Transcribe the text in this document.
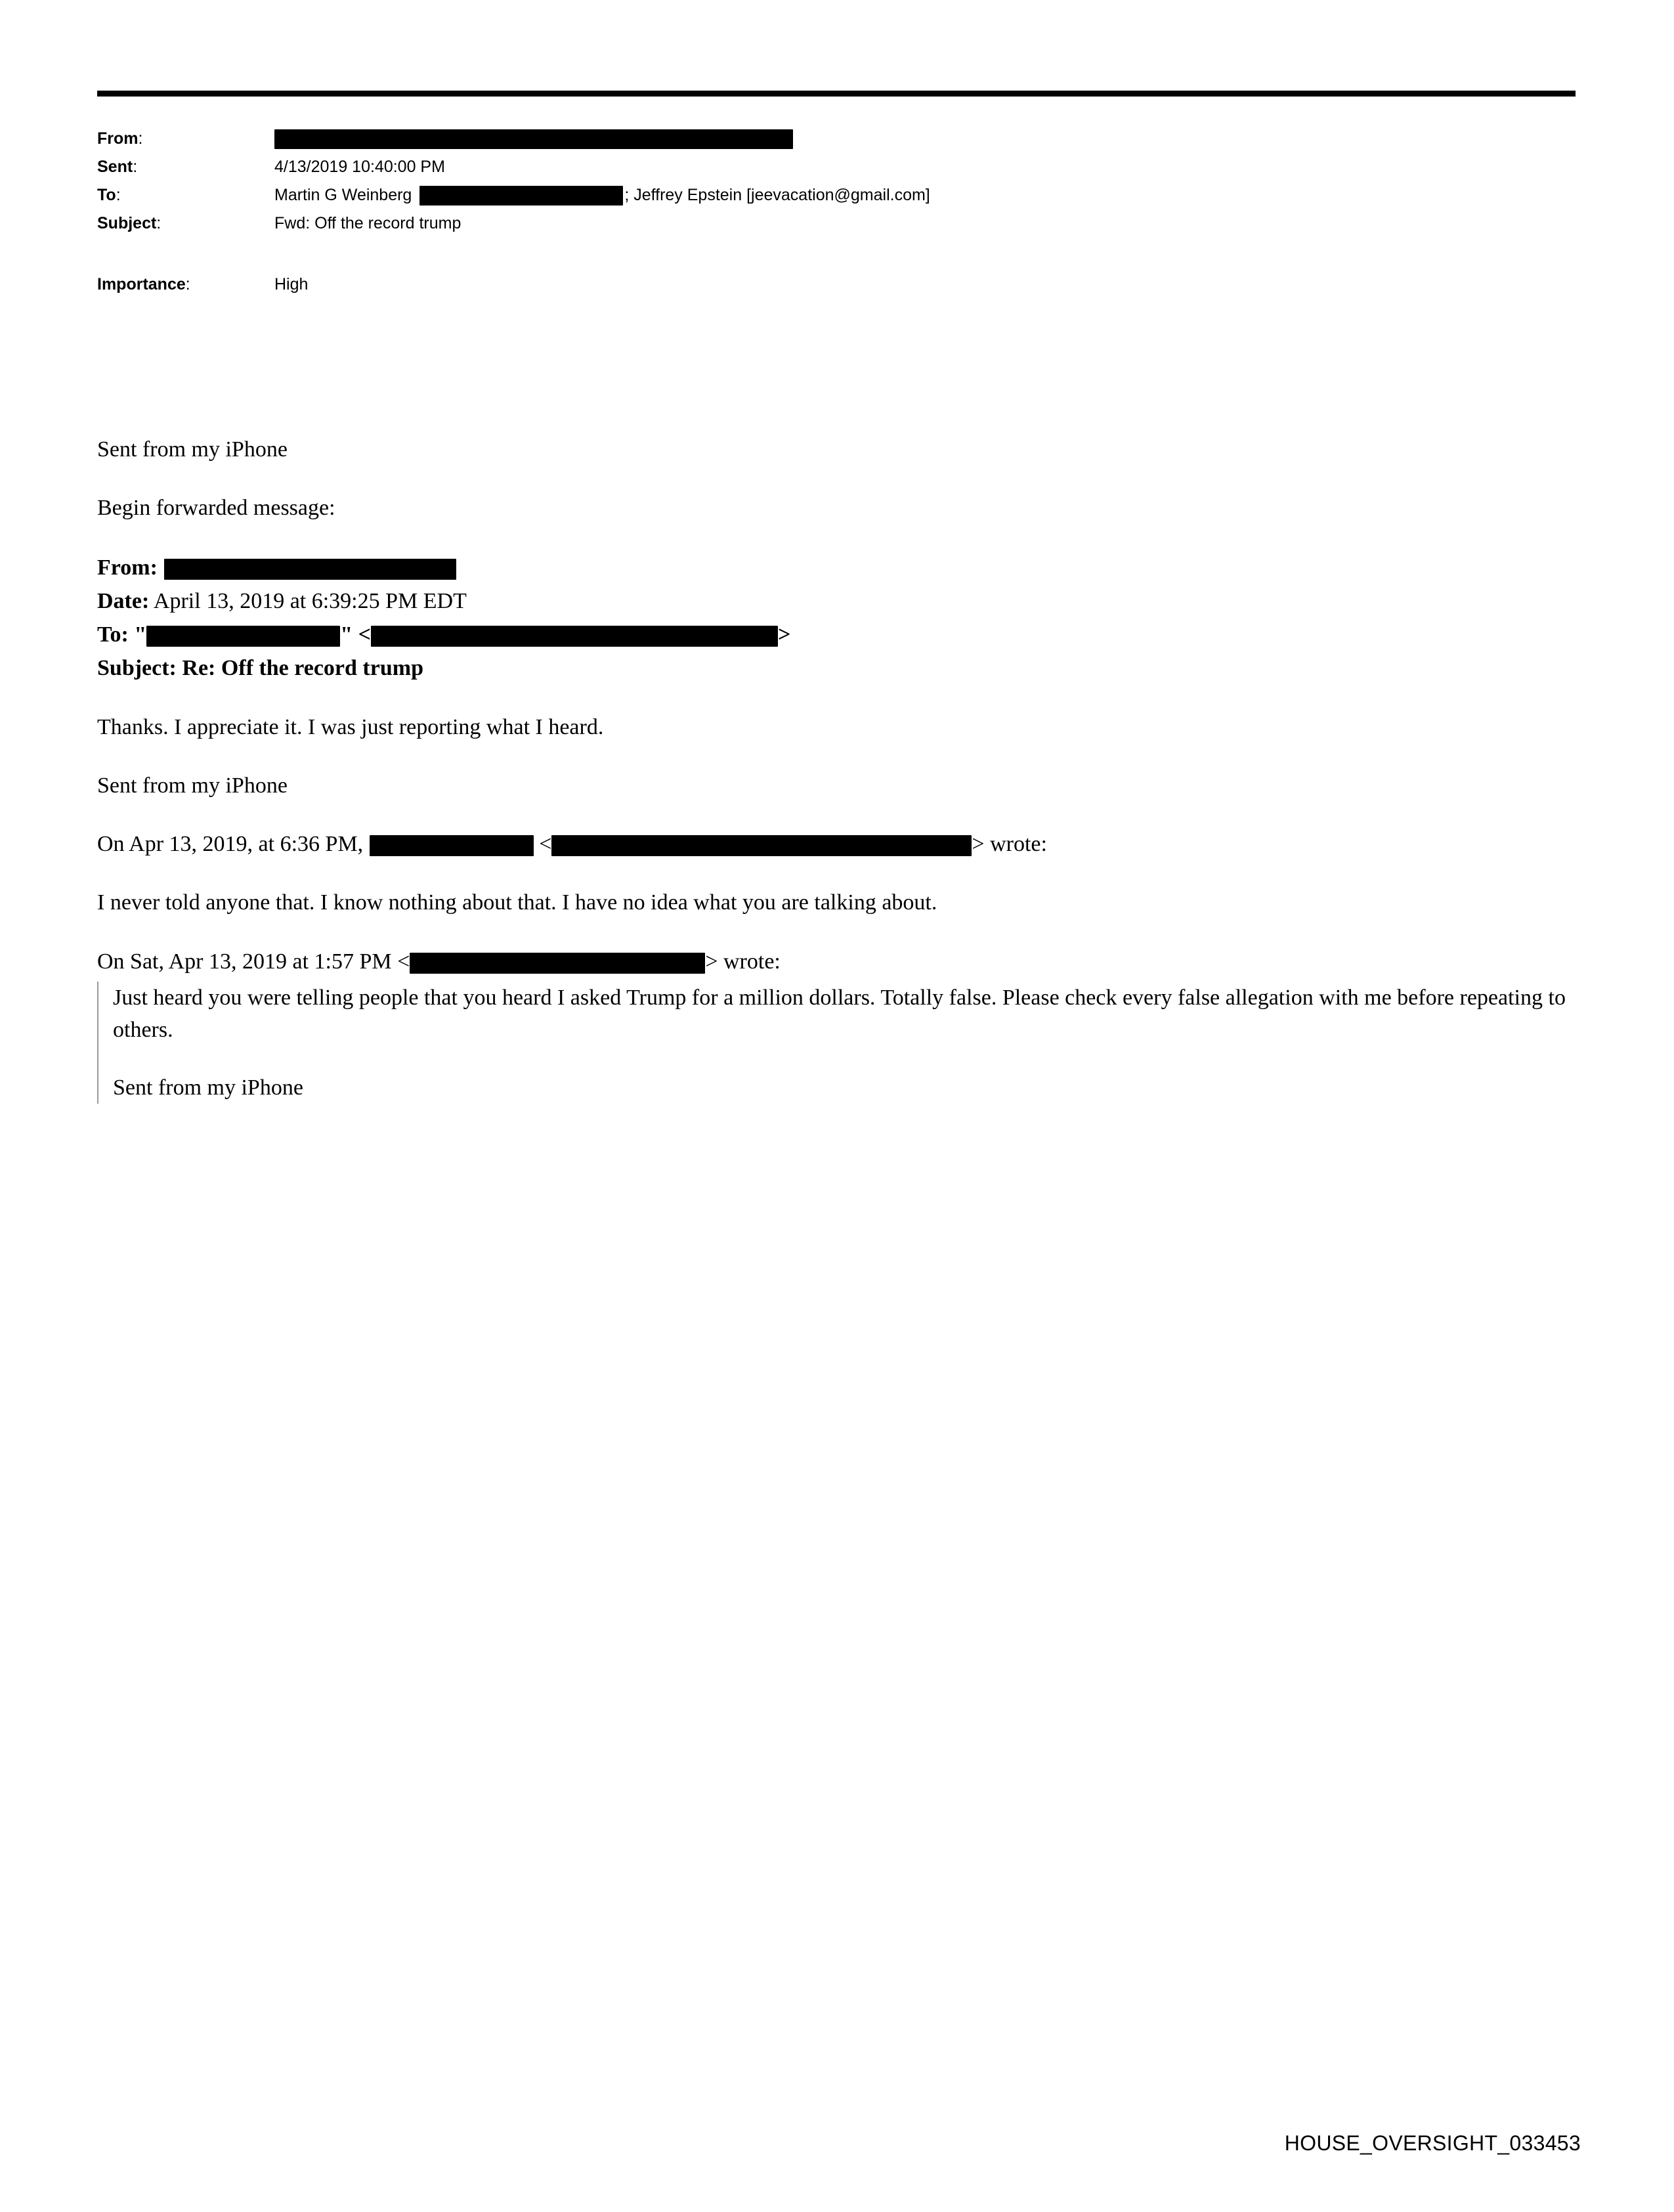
From:
Sent:	4/13/2019 10:40:00 PM
To:	Martin G Weinberg	; Jeffrey Epstein [jeevacation@gmail.com]
Subject:	Fwd: Off the record trump
Importance:	High

Sent from my iPhone

Begin forwarded message:

From:

Date: April 13, 2019 at 6:39:25 PM EDT

To: "	" <	>

Subject: Re: Off the record trump

Thanks. I appreciate it. I was just reporting what I heard.

Sent from my iPhone

On Apr 13, 2019, at 6:36 PM,	<	> wrote:

I never told anyone that. I know nothing about that. I have no idea what you are talking about.

On Sat, Apr 13, 2019 at 1:57 PM <	> wrote:

Just heard you were telling people that you heard I asked Trump for a million dollars. Totally false. Please check every false allegation with me before repeating to others.

Sent from my iPhone

HOUSE_OVERSIGHT_033453
